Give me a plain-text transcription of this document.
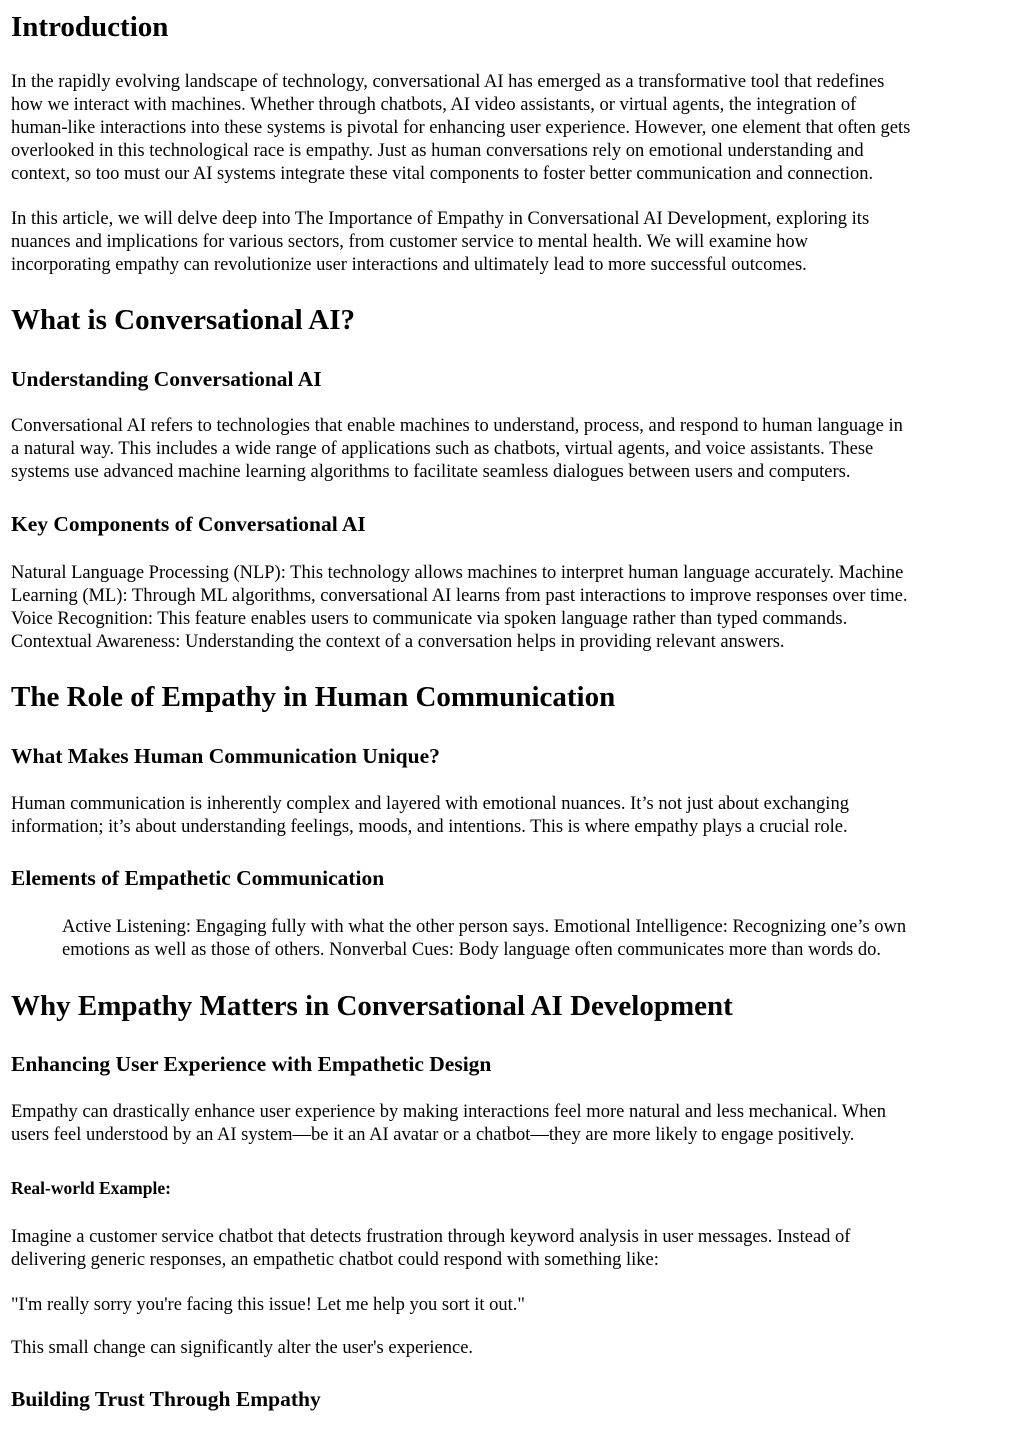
Introduction
In the rapidly evolving landscape of technology, conversational AI has emerged as a transformative tool that redefines
how we interact with machines. Whether through chatbots, AI video assistants, or virtual agents, the integration of
human-like interactions into these systems is pivotal for enhancing user experience. However, one element that often gets
overlooked in this technological race is empathy. Just as human conversations rely on emotional understanding and
context, so too must our AI systems integrate these vital components to foster better communication and connection.
In this article, we will delve deep into The Importance of Empathy in Conversational AI Development, exploring its
nuances and implications for various sectors, from customer service to mental health. We will examine how
incorporating empathy can revolutionize user interactions and ultimately lead to more successful outcomes.
What is Conversational AI?
Understanding Conversational AI
Conversational AI refers to technologies that enable machines to understand, process, and respond to human language in
a natural way. This includes a wide range of applications such as chatbots, virtual agents, and voice assistants. These
systems use advanced machine learning algorithms to facilitate seamless dialogues between users and computers.
Key Components of Conversational AI
Natural Language Processing (NLP): This technology allows machines to interpret human language accurately. Machine
Learning (ML): Through ML algorithms, conversational AI learns from past interactions to improve responses over time.
Voice Recognition: This feature enables users to communicate via spoken language rather than typed commands.
Contextual Awareness: Understanding the context of a conversation helps in providing relevant answers.
The Role of Empathy in Human Communication
What Makes Human Communication Unique?
Human communication is inherently complex and layered with emotional nuances. It’s not just about exchanging
information; it’s about understanding feelings, moods, and intentions. This is where empathy plays a crucial role.
Elements of Empathetic Communication
Active Listening: Engaging fully with what the other person says. Emotional Intelligence: Recognizing one’s own
emotions as well as those of others. Nonverbal Cues: Body language often communicates more than words do.
Why Empathy Matters in Conversational AI Development
Enhancing User Experience with Empathetic Design
Empathy can drastically enhance user experience by making interactions feel more natural and less mechanical. When
users feel understood by an AI system—be it an AI avatar or a chatbot—they are more likely to engage positively.
Real-world Example:
Imagine a customer service chatbot that detects frustration through keyword analysis in user messages. Instead of
delivering generic responses, an empathetic chatbot could respond with something like:
"I'm really sorry you're facing this issue! Let me help you sort it out."
This small change can significantly alter the user's experience.
Building Trust Through Empathy
